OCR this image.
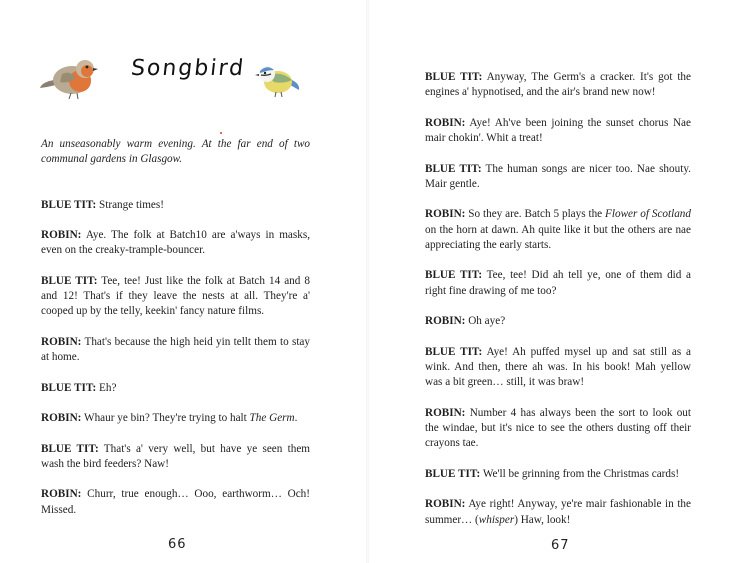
Songbird

An unseasonably warm evening. At the far end of two communal gardens in Glasgow.

BLUE TIT: Strange times!

ROBIN: Aye. The folk at Batch10 are a'ways in masks, even on the creaky-trample-bouncer.

BLUE TIT: Tee, tee! Just like the folk at Batch 14 and 8 and 12! That's if they leave the nests at all. They're a' cooped up by the telly, keekin' fancy nature films.

ROBIN: That's because the high heid yin tellt them to stay at home.

BLUE TIT: Eh?

ROBIN: Whaur ye bin? They're trying to halt The Germ.

BLUE TIT: That's a' very well, but have ye seen them wash the bird feeders? Naw!

ROBIN: Churr, true enough… Ooo, earthworm… Och! Missed.

66

BLUE TIT: Anyway, The Germ's a cracker. It's got the engines a' hypnotised, and the air's brand new now!

ROBIN: Aye! Ah've been joining the sunset chorus Nae mair chokin'. Whit a treat!

BLUE TIT: The human songs are nicer too. Nae shouty. Mair gentle.

ROBIN: So they are. Batch 5 plays the Flower of Scotland on the horn at dawn. Ah quite like it but the others are nae appreciating the early starts.

BLUE TIT: Tee, tee! Did ah tell ye, one of them did a right fine drawing of me too?

ROBIN: Oh aye?

BLUE TIT: Aye! Ah puffed mysel up and sat still as a wink. And then, there ah was. In his book! Mah yellow was a bit green… still, it was braw!

ROBIN: Number 4 has always been the sort to look out the windae, but it's nice to see the others dusting off their crayons tae.

BLUE TIT: We'll be grinning from the Christmas cards!

ROBIN: Aye right! Anyway, ye're mair fashionable in the summer… (whisper) Haw, look!

67
